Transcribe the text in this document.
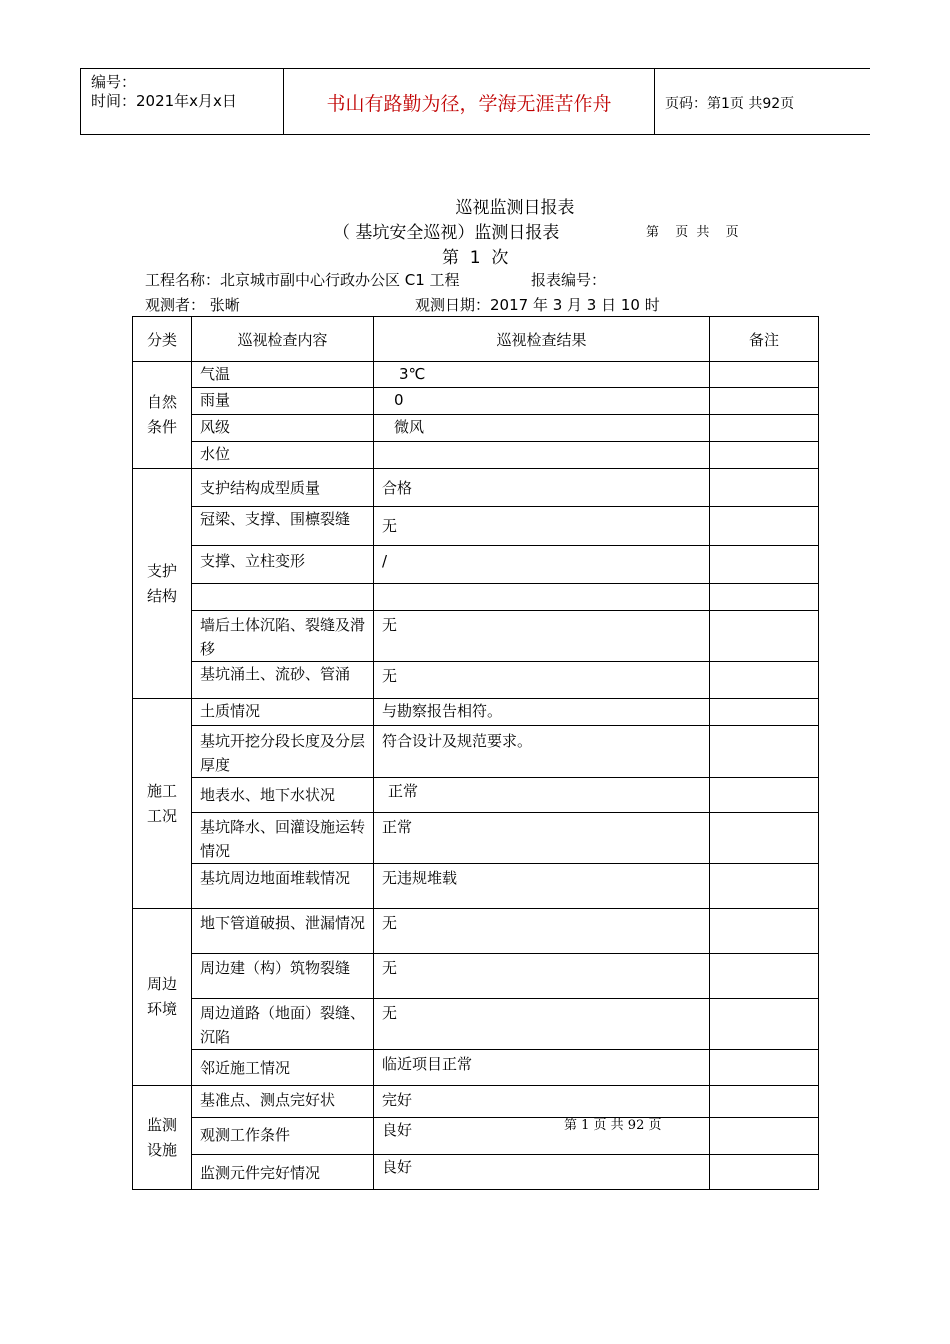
编号：
时间：2021年x月x日	书山有路勤为径，学海无涯苦作舟	页码：第1页 共92页
巡视监测日报表
（ 基坑安全巡视）监测日报表	第  页 共  页
第  1  次
工程名称：北京城市副中心行政办公区 C1 工程	报表编号：
观测者： 张晰	观测日期：2017 年 3 月 3 日 10 时
分类	巡视检查内容	巡视检查结果	备注
自然
条件	气温	3℃	
	雨量	0	
	风级	微风	
	水位		
支护
结构	支护结构成型质量	合格	
	冠梁、支撑、围檩裂缝	无	
	支撑、立柱变形	/	

	墙后土体沉陷、裂缝及滑移	无	
	基坑涌土、流砂、管涌	无	
施工
工况	土质情况	与勘察报告相符。	
	基坑开挖分段长度及分层厚度	符合设计及规范要求。	
	地表水、地下水状况	正常	
	基坑降水、回灌设施运转情况	正常	
	基坑周边地面堆载情况	无违规堆载	
周边
环境	地下管道破损、泄漏情况	无	
	周边建（构）筑物裂缝	无	
	周边道路（地面）裂缝、沉陷	无	
	邻近施工情况	临近项目正常	
监测
设施	基准点、测点完好状	完好	
	观测工作条件	良好	
	监测元件完好情况	良好	
第 1 页 共 92 页
